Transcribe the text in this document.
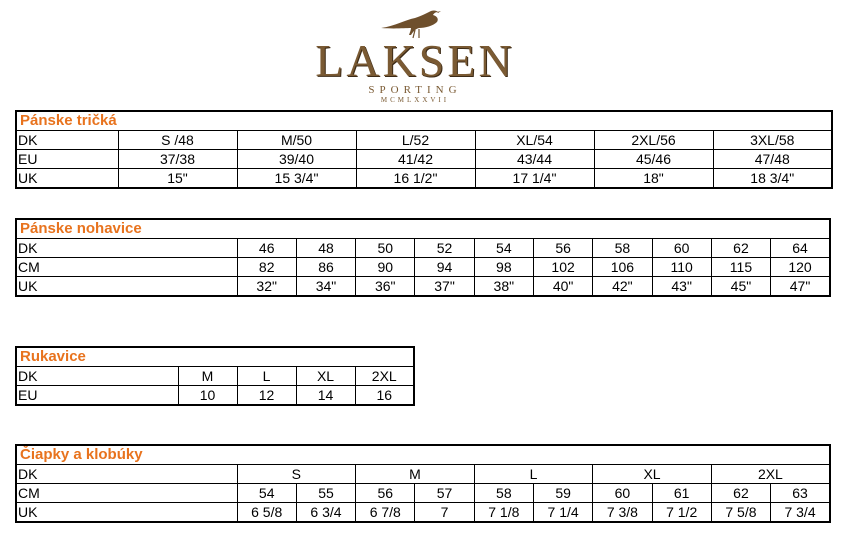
LAKSEN
SPORTING
MCMLXXVII
Pánske tričká						
DK	S /48	M/50	L/52	XL/54	2XL/56	3XL/58
EU	37/38	39/40	41/42	43/44	45/46	47/48
UK	15"	15 3/4"	16 1/2"	17 1/4"	18"	18 3/4"
Pánske nohavice										
DK	46	48	50	52	54	56	58	60	62	64
CM	82	86	90	94	98	102	106	110	115	120
UK	32"	34"	36"	37"	38"	40"	42"	43"	45"	47"
Rukavice				
DK	M	L	XL	2XL
EU	10	12	14	16
Čiapky a klobúky										
DK	S		M		L		XL		2XL	
CM	54	55	56	57	58	59	60	61	62	63
UK	6 5/8	6 3/4	6 7/8	7	7 1/8	7 1/4	7 3/8	7 1/2	7 5/8	7 3/4
